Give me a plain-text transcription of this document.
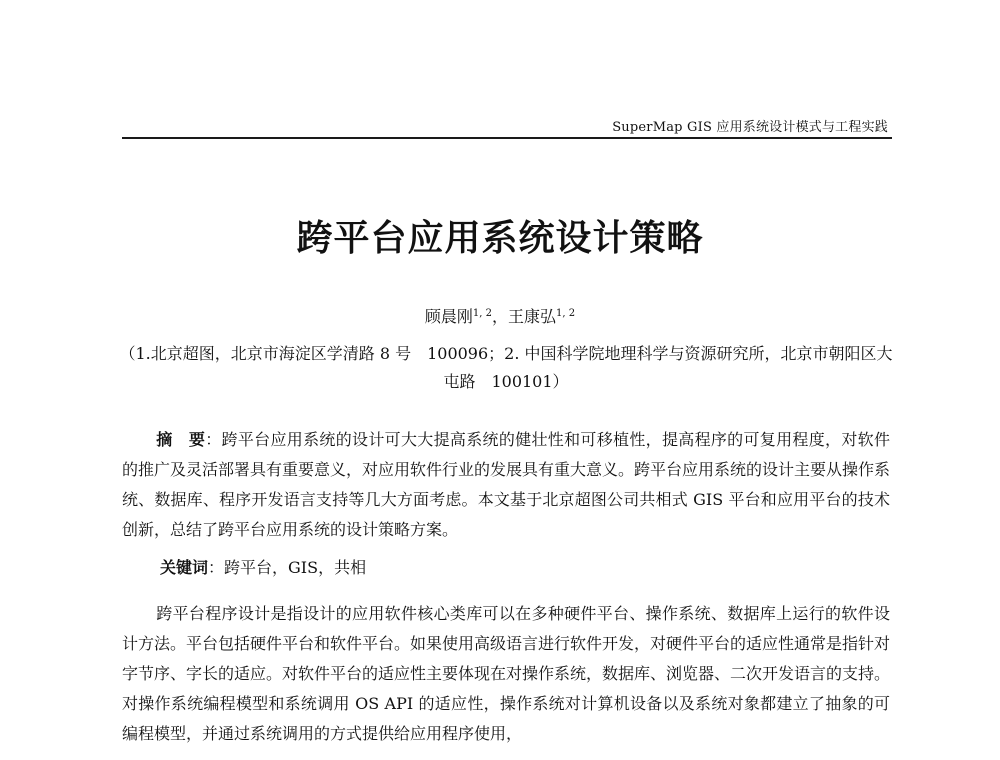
SuperMap GIS 应用系统设计模式与工程实践
跨平台应用系统设计策略
顾晨刚$^{1, 2}$，王康弘$^{1, 2}$
（1.北京超图，北京市海淀区学清路 8 号　100096；2. 中国科学院地理科学与资源研究所，北京市朝阳区大屯路　100101）
摘　要：跨平台应用系统的设计可大大提高系统的健壮性和可移植性，提高程序的可复用程度，对软件的推广及灵活部署具有重要意义，对应用软件行业的发展具有重大意义。跨平台应用系统的设计主要从操作系统、数据库、程序开发语言支持等几大方面考虑。本文基于北京超图公司共相式 GIS 平台和应用平台的技术创新，总结了跨平台应用系统的设计策略方案。
关键词：跨平台，GIS，共相
跨平台程序设计是指设计的应用软件核心类库可以在多种硬件平台、操作系统、数据库上运行的软件设计方法。平台包括硬件平台和软件平台。如果使用高级语言进行软件开发，对硬件平台的适应性通常是指针对字节序、字长的适应。对软件平台的适应性主要体现在对操作系统，数据库、浏览器、二次开发语言的支持。对操作系统编程模型和系统调用 OS API 的适应性，操作系统对计算机设备以及系统对象都建立了抽象的可编程模型，并通过系统调用的方式提供给应用程序使用，
